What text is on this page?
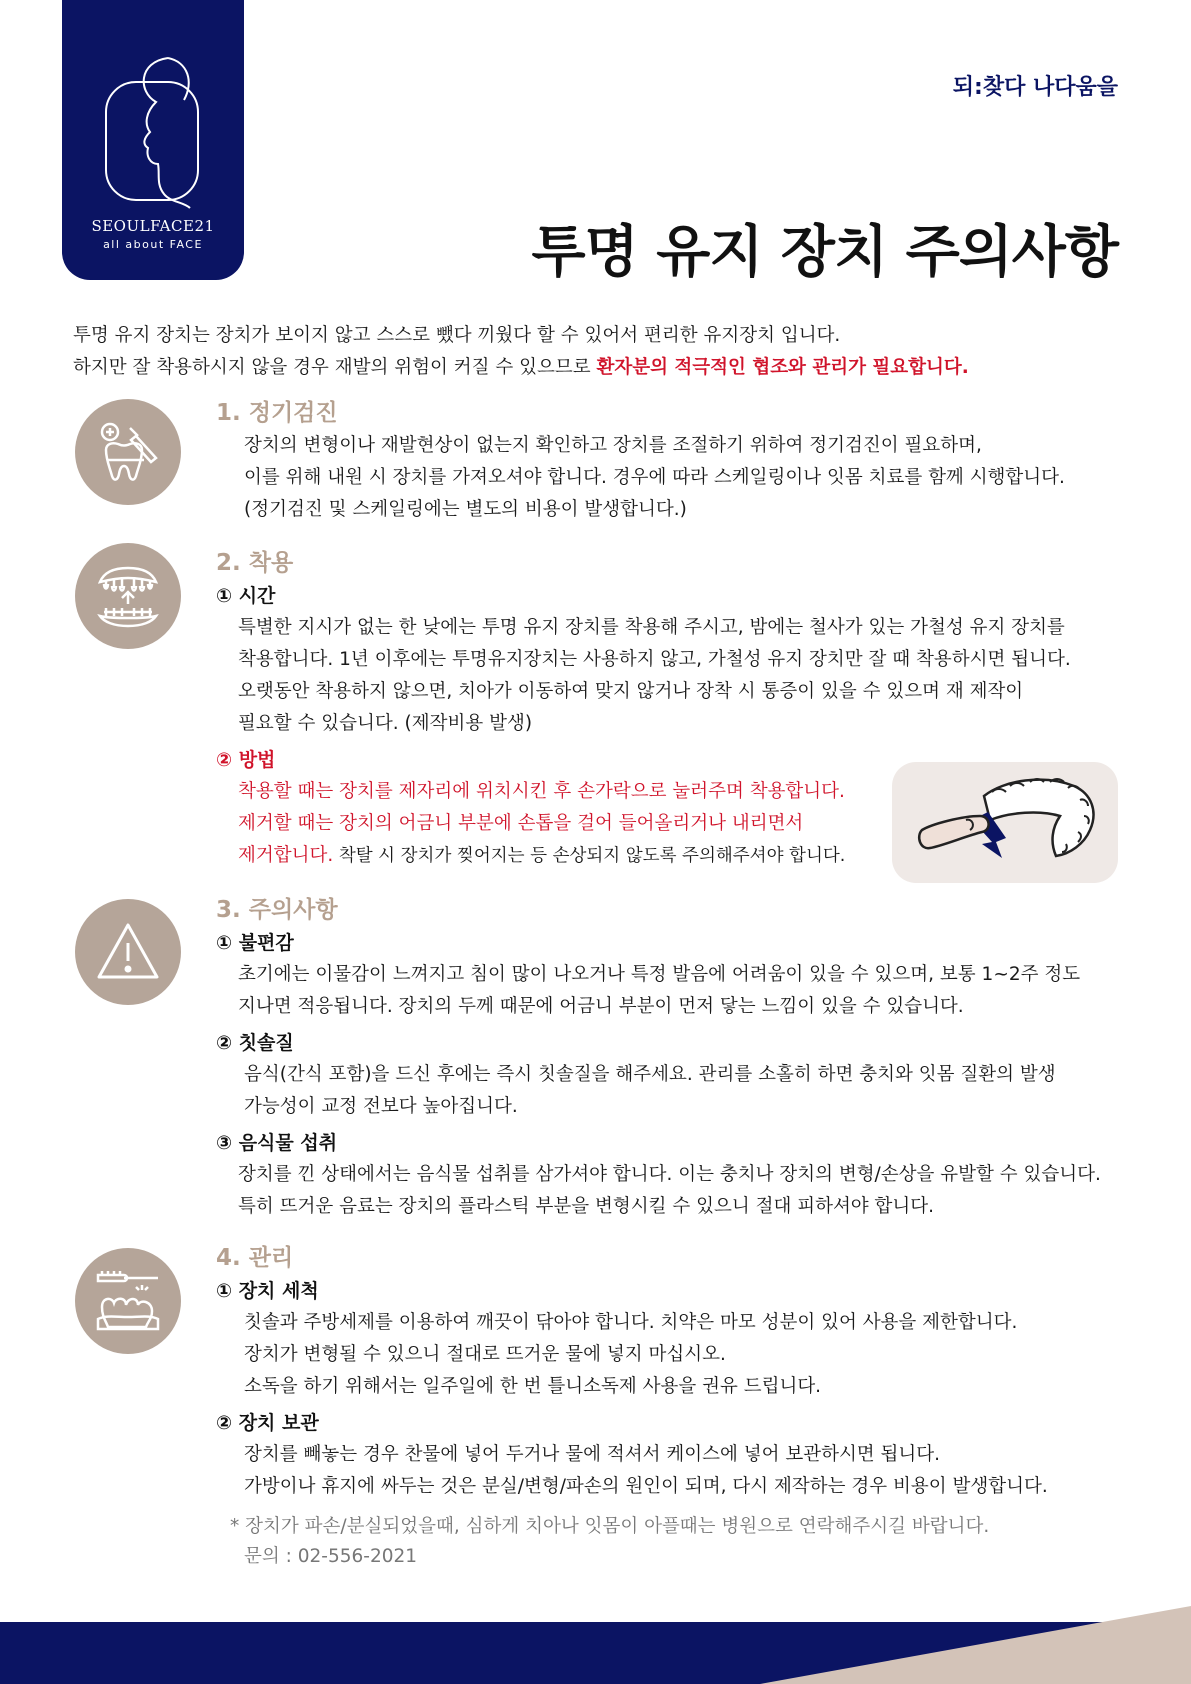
SEOULFACE21
all about FACE
되:찾다 나다움을
투명 유지 장치 주의사항
투명 유지 장치는 장치가 보이지 않고 스스로 뺐다 끼웠다 할 수 있어서 편리한 유지장치 입니다.
하지만 잘 착용하시지 않을 경우 재발의 위험이 커질 수 있으므로 환자분의 적극적인 협조와 관리가 필요합니다.
1. 정기검진
장치의 변형이나 재발현상이 없는지 확인하고 장치를 조절하기 위하여 정기검진이 필요하며,
이를 위해 내원 시 장치를 가져오셔야 합니다. 경우에 따라 스케일링이나 잇몸 치료를 함께 시행합니다.
(정기검진 및 스케일링에는 별도의 비용이 발생합니다.)
2. 착용
① 시간
특별한 지시가 없는 한 낮에는 투명 유지 장치를 착용해 주시고, 밤에는 철사가 있는 가철성 유지 장치를
착용합니다. 1년 이후에는 투명유지장치는 사용하지 않고, 가철성 유지 장치만 잘 때 착용하시면 됩니다.
오랫동안 착용하지 않으면, 치아가 이동하여 맞지 않거나 장착 시 통증이 있을 수 있으며 재 제작이
필요할 수 있습니다. (제작비용 발생)
② 방법
착용할 때는 장치를 제자리에 위치시킨 후 손가락으로 눌러주며 착용합니다.
제거할 때는 장치의 어금니 부분에 손톱을 걸어 들어올리거나 내리면서
제거합니다. 착탈 시 장치가 찢어지는 등 손상되지 않도록 주의해주셔야 합니다.
3. 주의사항
① 불편감
초기에는 이물감이 느껴지고 침이 많이 나오거나 특정 발음에 어려움이 있을 수 있으며, 보통 1~2주 정도
지나면 적응됩니다. 장치의 두께 때문에 어금니 부분이 먼저 닿는 느낌이 있을 수 있습니다.
② 칫솔질
음식(간식 포함)을 드신 후에는 즉시 칫솔질을 해주세요. 관리를 소홀히 하면 충치와 잇몸 질환의 발생
가능성이 교정 전보다 높아집니다.
③ 음식물 섭취
장치를 낀 상태에서는 음식물 섭취를 삼가셔야 합니다. 이는 충치나 장치의 변형/손상을 유발할 수 있습니다.
특히 뜨거운 음료는 장치의 플라스틱 부분을 변형시킬 수 있으니 절대 피하셔야 합니다.
4. 관리
① 장치 세척
칫솔과 주방세제를 이용하여 깨끗이 닦아야 합니다. 치약은 마모 성분이 있어 사용을 제한합니다.
장치가 변형될 수 있으니 절대로 뜨거운 물에 넣지 마십시오.
소독을 하기 위해서는 일주일에 한 번 틀니소독제 사용을 권유 드립니다.
② 장치 보관
장치를 빼놓는 경우 찬물에 넣어 두거나 물에 적셔서 케이스에 넣어 보관하시면 됩니다.
가방이나 휴지에 싸두는 것은 분실/변형/파손의 원인이 되며, 다시 제작하는 경우 비용이 발생합니다.
* 장치가 파손/분실되었을때, 심하게 치아나 잇몸이 아플때는 병원으로 연락해주시길 바랍니다.
문의 : 02-556-2021
